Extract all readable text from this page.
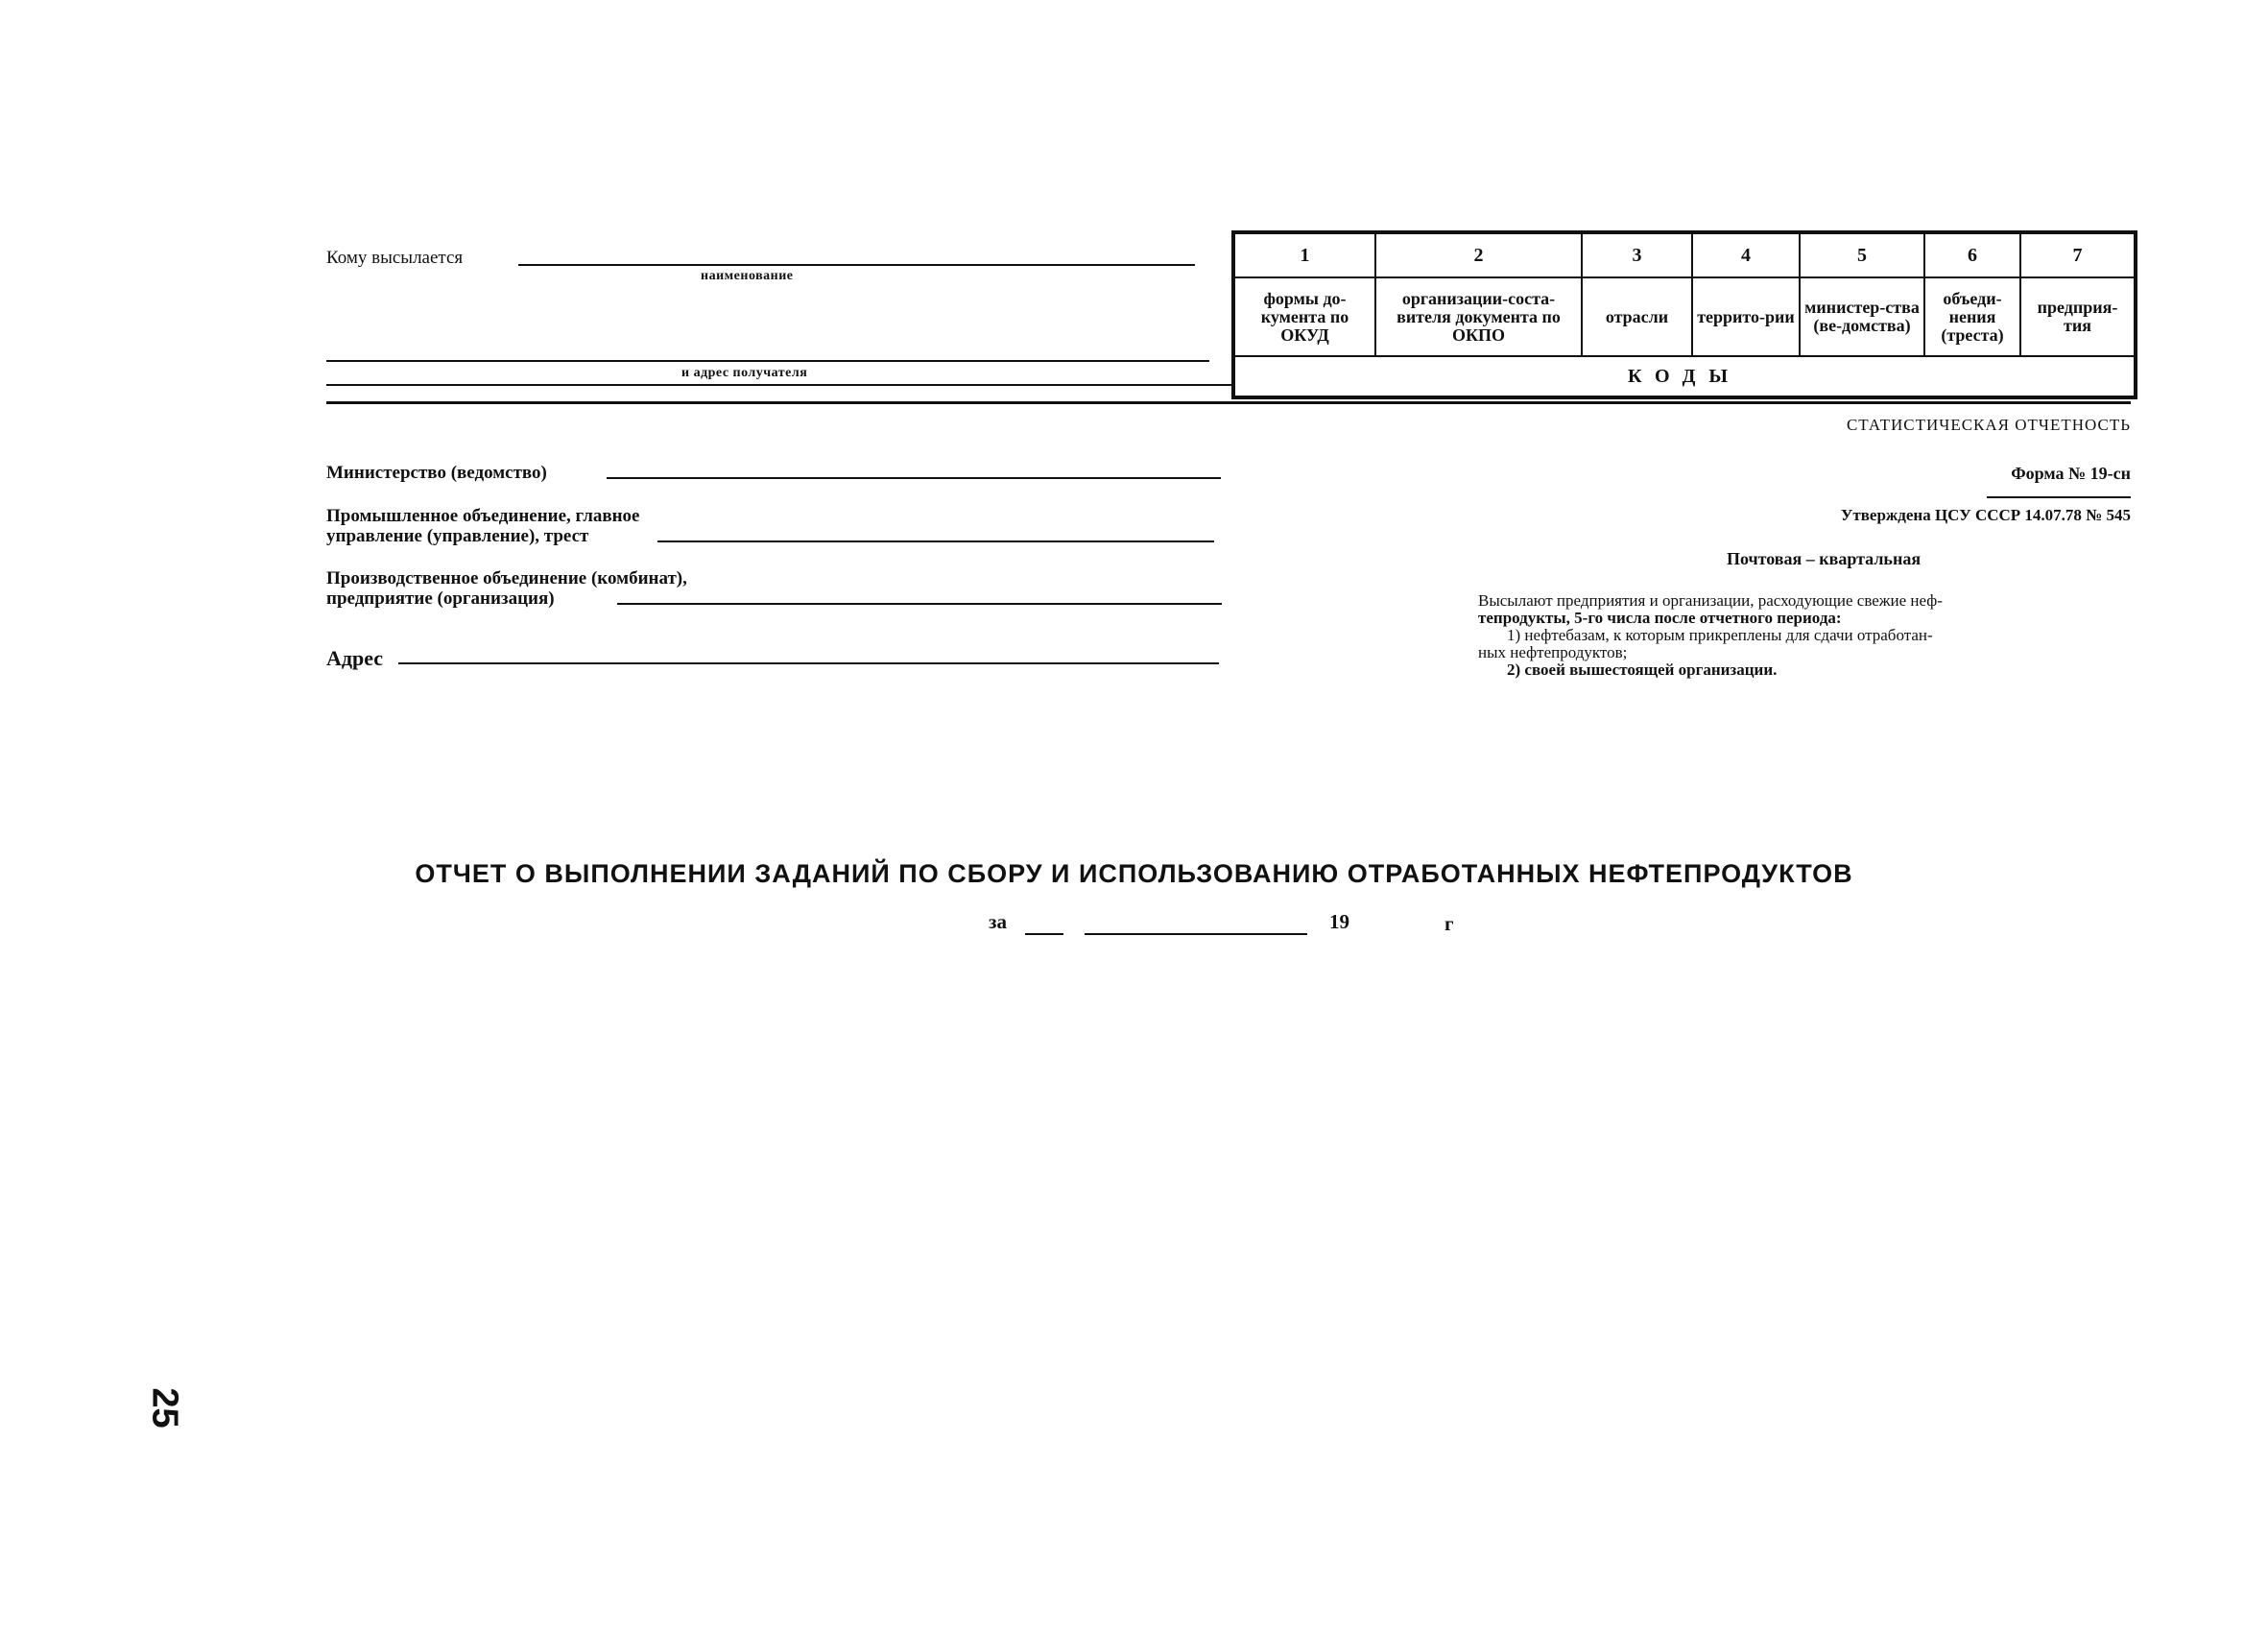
Кому высылается
наименование
и адрес получателя
1	2	3	4	5	6	7
формы до-кумента по ОКУД	организации-соста-вителя документа по ОКПО	отрасли	террито-рии	министер-ства (ве-домства)	объеди-нения (треста)	предприя-тия
КОДЫ						
СТАТИСТИЧЕСКАЯ ОТЧЕТНОСТЬ
Министерство (ведомство)
Промышленное объединение, главное
управление (управление), трест
Производственное объединение (комбинат),
предприятие (организация)
Адрес
Форма № 19-сн
Утверждена ЦСУ СССР 14.07.78 № 545
Почтовая – квартальная
Высылают предприятия и организации, расходующие свежие неф-
тепродукты, 5-го числа после отчетного периода:
1) нефтебазам, к которым прикреплены для сдачи отработан-
ных нефтепродуктов;
2) своей вышестоящей организации.
ОТЧЕТ О ВЫПОЛНЕНИИ ЗАДАНИЙ ПО СБОРУ И ИСПОЛЬЗОВАНИЮ ОТРАБОТАННЫХ НЕФТЕПРОДУКТОВ
за	19	г
25
